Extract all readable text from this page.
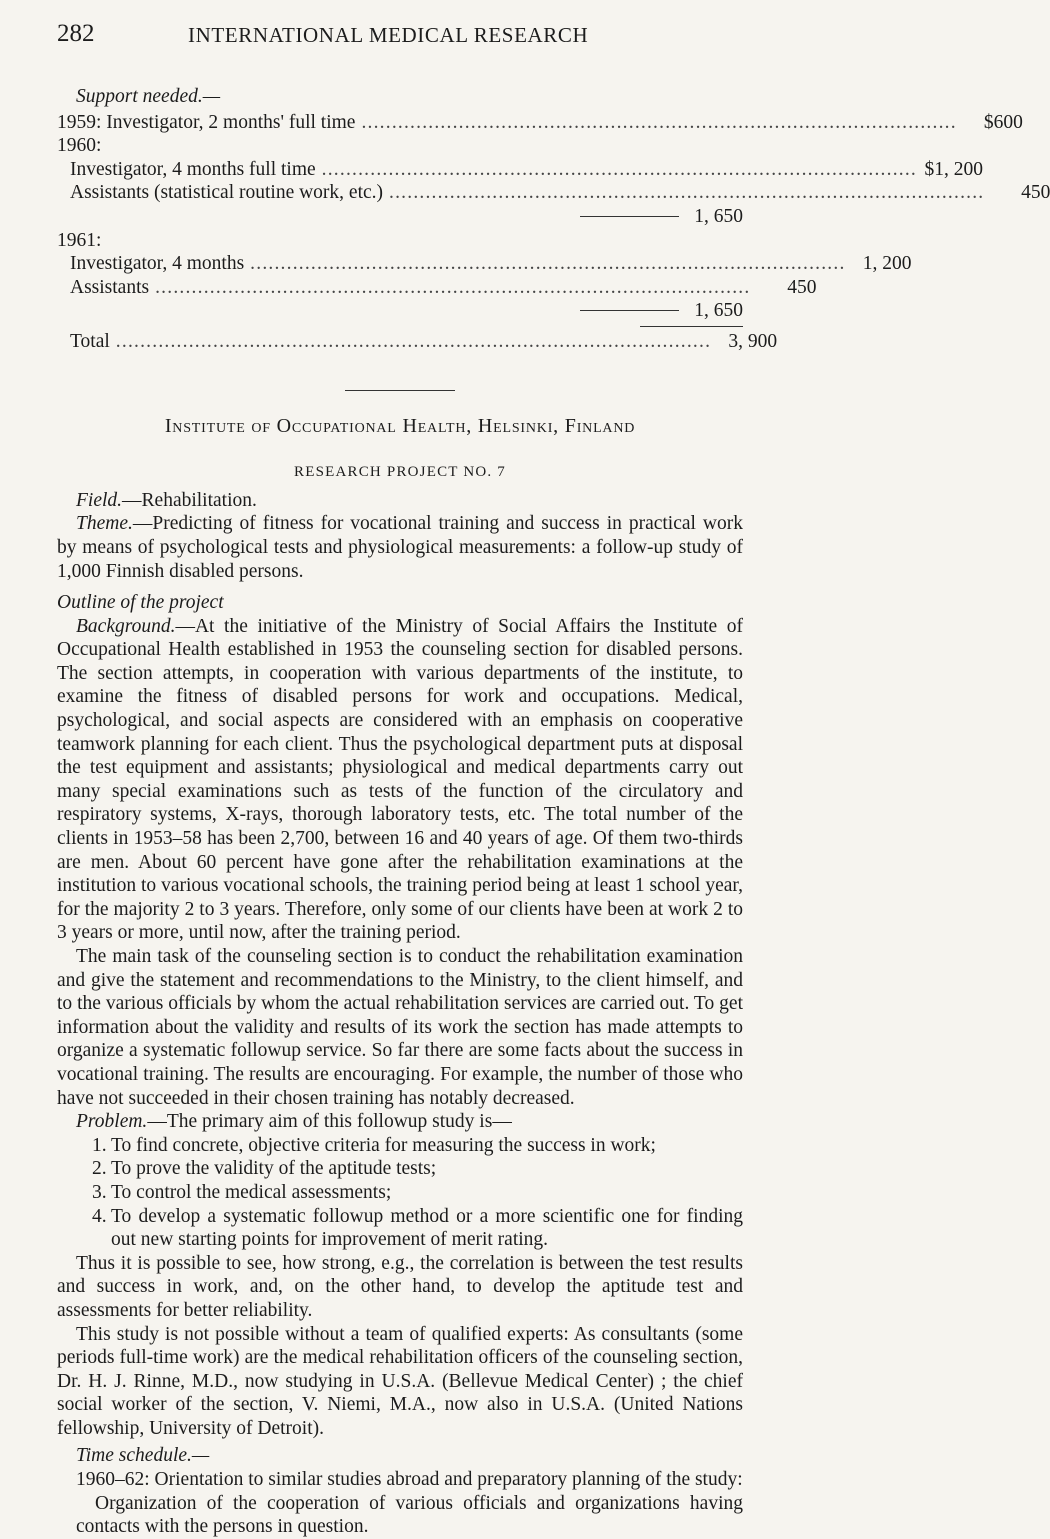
282	INTERNATIONAL MEDICAL RESEARCH
Support needed.—
1959: Investigator, 2 months' full time ..................................................................................................	$600
1960:
Investigator, 4 months full time .................................................................................................. $1, 200
Assistants (statistical routine work, etc.) ..................................................................................................	450
1, 650
1961:
Investigator, 4 months .................................................................................................. 1, 200
Assistants ..................................................................................................	450
1, 650
Total .................................................................................................. 3, 900
Institute of Occupational Health, Helsinki, Finland
RESEARCH PROJECT NO. 7

Field.—Rehabilitation.

Theme.—Predicting of fitness for vocational training and success in practical work by means of psychological tests and physiological measurements: a follow-up study of 1,000 Finnish disabled persons.

Outline of the project

Background.—At the initiative of the Ministry of Social Affairs the Institute of Occupational Health established in 1953 the counseling section for disabled persons. The section attempts, in cooperation with various departments of the institute, to examine the fitness of disabled persons for work and occupations. Medical, psychological, and social aspects are considered with an emphasis on cooperative teamwork planning for each client. Thus the psychological department puts at disposal the test equipment and assistants; physiological and medical departments carry out many special examinations such as tests of the function of the circulatory and respiratory systems, X-rays, thorough laboratory tests, etc. The total number of the clients in 1953–58 has been 2,700, between 16 and 40 years of age. Of them two-thirds are men. About 60 percent have gone after the rehabilitation examinations at the institution to various vocational schools, the training period being at least 1 school year, for the majority 2 to 3 years. Therefore, only some of our clients have been at work 2 to 3 years or more, until now, after the training period.

The main task of the counseling section is to conduct the rehabilitation examination and give the statement and recommendations to the Ministry, to the client himself, and to the various officials by whom the actual rehabilitation services are carried out. To get information about the validity and results of its work the section has made attempts to organize a systematic followup service. So far there are some facts about the success in vocational training. The results are encouraging. For example, the number of those who have not succeeded in their chosen training has notably decreased.

Problem.—The primary aim of this followup study is—

1. To find concrete, objective criteria for measuring the success in work;
2. To prove the validity of the aptitude tests;
3. To control the medical assessments;
4. To develop a systematic followup method or a more scientific one for finding out new starting points for improvement of merit rating.

Thus it is possible to see, how strong, e.g., the correlation is between the test results and success in work, and, on the other hand, to develop the aptitude test and assessments for better reliability.

This study is not possible without a team of qualified experts: As consultants (some periods full-time work) are the medical rehabilitation officers of the counseling section, Dr. H. J. Rinne, M.D., now studying in U.S.A. (Bellevue Medical Center) ; the chief social worker of the section, V. Niemi, M.A., now also in U.S.A. (United Nations fellowship, University of Detroit).

Time schedule.—

1960–62: Orientation to similar studies abroad and preparatory planning of the study:

Organization of the cooperation of various officials and organizations having contacts with the persons in question.
